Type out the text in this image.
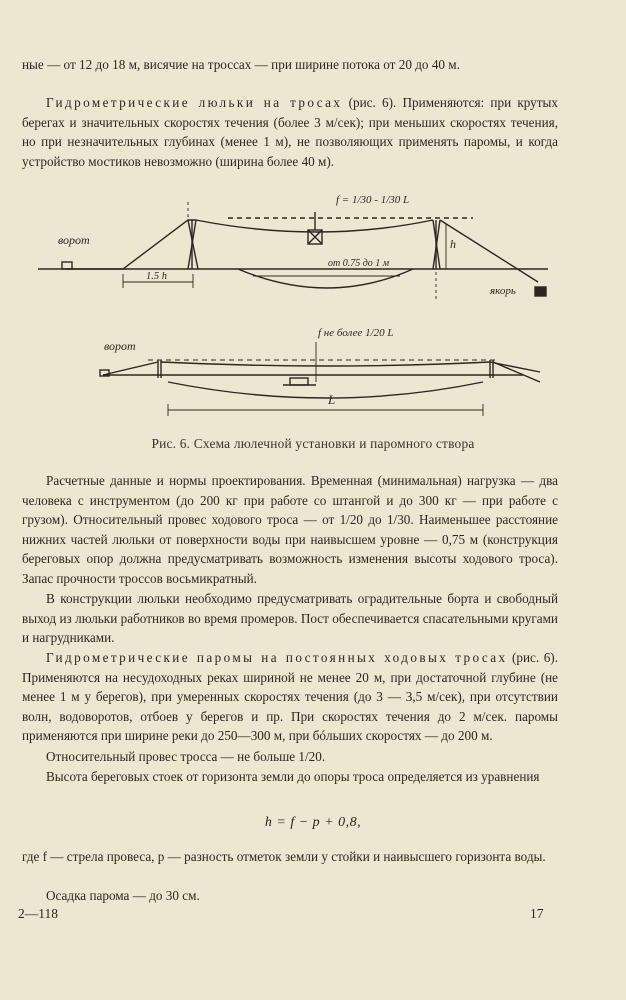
ные — от 12 до 18 м, висячие на тросcах — при ширине потока от 20 до 40 м.

Гидрометрические люльки на тросах (рис. 6). Применяются: при крутых берегах и значительных скоростях течения (более 3 м/сек); при меньших скоростях течения, но при незначительных глубинах (менее 1 м), не позволяющих применять паромы, и когда устройство мостиков невозможно (ширина более 40 м).

ворот
f = 1/30 - 1/30 L
h
от 0.75 до 1 м
1.5 h
якорь
ворот
f не более 1/20 L
L
Рис. 6. Схема люлечной установки и паромного створа

Расчетные данные и нормы проектирования. Временная (минимальная) нагрузка — два человека с инструментом (до 200 кг при работе со штангой и до 300 кг — при работе с грузом). Относительный провес ходового троса — от 1/20 до 1/30. Наименьшее расстояние нижних частей люльки от поверхности воды при наивысшем уровне — 0,75 м (конструкция береговых опор должна предусматривать возможность изменения высоты ходового троса). Запас прочности тросcов восьмикратный.

В конструкции люльки необходимо предусматривать оградительные борта и свободный выход из люльки работников во время промеров. Пост обеспечивается спасательными кругами и нагрудниками.

Гидрометрические паромы на постоянных ходовых тросах (рис. 6). Применяются на несудоходных реках шириной не менее 20 м, при достаточной глубине (не менее 1 м у берегов), при умеренных скоростях течения (до 3 — 3,5 м/сек), при отсутствии волн, водоворотов, отбоев у берегов и пр. При скоростях течения до 2 м/сек. паромы применяются при ширине реки до 250—300 м, при бóльших скоростях — до 200 м.

Относительный провес тросcа — не больше 1/20.

Высота береговых стоек от горизонта земли до опоры троса определяется из уравнения

h = f − p + 0,8,

где f — стрела провеса, p — разность отметок земли у стойки и наивысшего горизонта воды.

Осадка парома — до 30 см.

2—118	17
